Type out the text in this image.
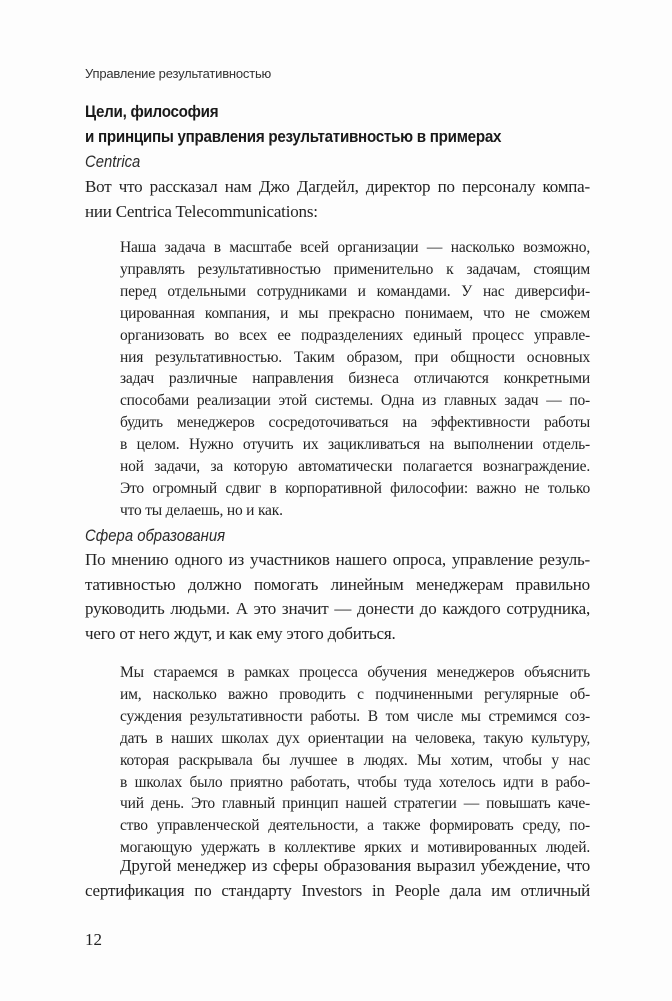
Управление результативностью
Цели, философия
и принципы управления результативностью в примерах
Centrica
Вот что рассказал нам Джо Дагдейл, директор по персоналу компа-
нии Centrica Telecommunications:
Наша задача в масштабе всей организации — насколько возможно,
управлять результативностью применительно к задачам, стоящим
перед отдельными сотрудниками и командами. У нас диверсифи-
цированная компания, и мы прекрасно понимаем, что не сможем
организовать во всех ее подразделениях единый процесс управле-
ния результативностью. Таким образом, при общности основных
задач различные направления бизнеса отличаются конкретными
способами реализации этой системы. Одна из главных задач — по-
будить менеджеров сосредоточиваться на эффективности работы
в целом. Нужно отучить их зацикливаться на выполнении отдель-
ной задачи, за которую автоматически полагается вознаграждение.
Это огромный сдвиг в корпоративной философии: важно не только
что ты делаешь, но и как.
Сфера образования
По мнению одного из участников нашего опроса, управление резуль-
тативностью должно помогать линейным менеджерам правильно
руководить людьми. А это значит — донести до каждого сотрудника,
чего от него ждут, и как ему этого добиться.
Мы стараемся в рамках процесса обучения менеджеров объяснить
им, насколько важно проводить с подчиненными регулярные об-
суждения результативности работы. В том числе мы стремимся соз-
дать в наших школах дух ориентации на человека, такую культуру,
которая раскрывала бы лучшее в людях. Мы хотим, чтобы у нас
в школах было приятно работать, чтобы туда хотелось идти в рабо-
чий день. Это главный принцип нашей стратегии — повышать каче-
ство управленческой деятельности, а также формировать среду, по-
могающую удержать в коллективе ярких и мотивированных людей.
Другой менеджер из сферы образования выразил убеждение, что
сертификация по стандарту Investors in People дала им отличный
12
